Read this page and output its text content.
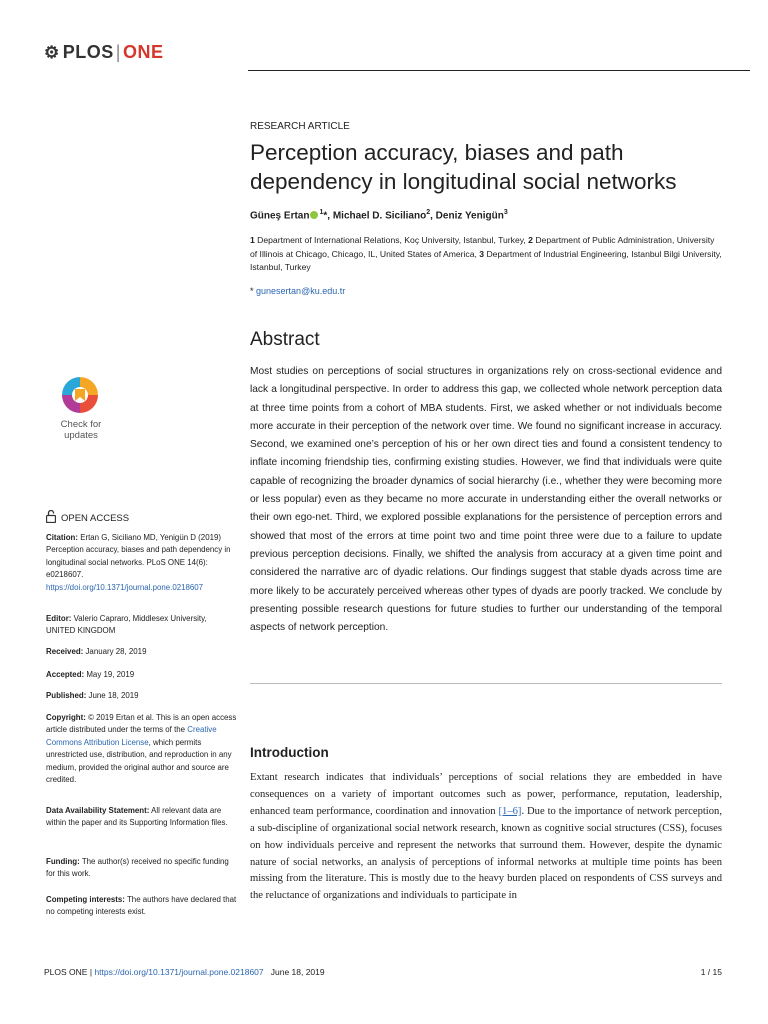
⚙ PLOS | ONE
RESEARCH ARTICLE
Perception accuracy, biases and path dependency in longitudinal social networks
Güneş Ertan $^1$*, Michael D. Siciliano$^2$, Deniz Yenigün$^3$
1 Department of International Relations, Koç University, Istanbul, Turkey, 2 Department of Public Administration, University of Illinois at Chicago, Chicago, IL, United States of America, 3 Department of Industrial Engineering, Istanbul Bilgi University, Istanbul, Turkey
* gunesertan@ku.edu.tr
Abstract
Most studies on perceptions of social structures in organizations rely on cross-sectional evidence and lack a longitudinal perspective. In order to address this gap, we collected whole network perception data at three time points from a cohort of MBA students. First, we asked whether or not individuals become more accurate in their perception of the network over time. We found no significant increase in accuracy. Second, we examined one’s perception of his or her own direct ties and found a consistent tendency to inflate incoming friendship ties, confirming existing studies. However, we find that individuals were quite capable of recognizing the broader dynamics of social hierarchy (i.e., whether they were becoming more or less popular) even as they became no more accurate in understanding either the overall networks or their own ego-net. Third, we explored possible explanations for the persistence of perception errors and showed that most of the errors at time point two and time point three were due to a failure to update previous perception decisions. Finally, we shifted the analysis from accuracy at a given time point and considered the narrative arc of dyadic relations. Our findings suggest that stable dyads across time are more likely to be accurately perceived whereas other types of dyads are poorly tracked. We conclude by presenting possible research questions for future studies to further our understanding of the temporal aspects of network perception.
Introduction
Extant research indicates that individuals’ perceptions of social relations they are embedded in have consequences on a variety of important outcomes such as power, performance, reputation, leadership, enhanced team performance, coordination and innovation [1–6]. Due to the importance of network perception, a sub-discipline of organizational social network research, known as cognitive social structures (CSS), focuses on how individuals perceive and represent the networks that surround them. However, despite the dynamic nature of social networks, an analysis of perceptions of informal networks at multiple time points has been missing from the literature. This is mostly due to the heavy burden placed on respondents of CSS surveys and the reluctance of organizations and individuals to participate in
Check for
updates
OPEN ACCESS
Citation: Ertan G, Siciliano MD, Yenigün D (2019) Perception accuracy, biases and path dependency in longitudinal social networks. PLoS ONE 14(6): e0218607. https://doi.org/10.1371/journal.pone.0218607
Editor: Valerio Capraro, Middlesex University, UNITED KINGDOM
Received: January 28, 2019
Accepted: May 19, 2019
Published: June 18, 2019
Copyright: © 2019 Ertan et al. This is an open access article distributed under the terms of the Creative Commons Attribution License, which permits unrestricted use, distribution, and reproduction in any medium, provided the original author and source are credited.
Data Availability Statement: All relevant data are within the paper and its Supporting Information files.
Funding: The author(s) received no specific funding for this work.
Competing interests: The authors have declared that no competing interests exist.
PLOS ONE | https://doi.org/10.1371/journal.pone.0218607 June 18, 2019	1 / 15
